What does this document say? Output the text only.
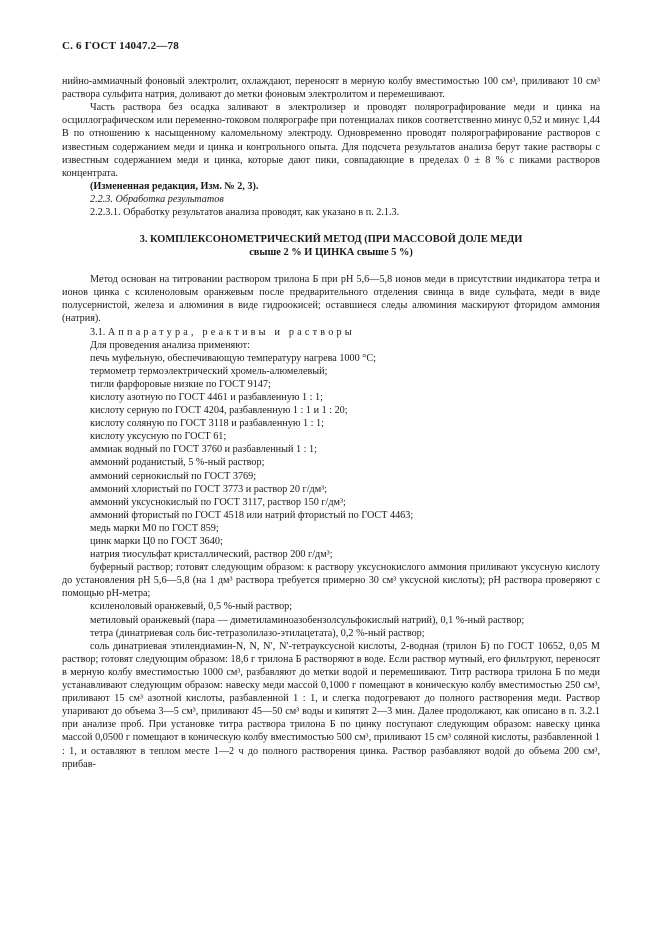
С. 6 ГОСТ 14047.2—78

нийно-аммиачный фоновый электролит, охлаждают, переносят в мерную колбу вместимостью 100 см³, приливают 10 см³ раствора сульфита натрия, доливают до метки фоновым электролитом и перемешивают.

Часть раствора без осадка заливают в электролизер и проводят полярографирование меди и цинка на осциллографическом или переменно-токовом полярографе при потенциалах пиков соответственно минус 0,52 и минус 1,44 В по отношению к насыщенному каломельному электроду. Одновременно проводят полярографирование растворов с известным содержанием меди и цинка и контрольного опыта. Для подсчета результатов анализа берут такие растворы с известным содержанием меди и цинка, которые дают пики, совпадающие в пределах 0 ± 8 % с пиками растворов концентрата.

(Измененная редакция, Изм. № 2, 3).

2.2.3. Обработка результатов

2.2.3.1. Обработку результатов анализа проводят, как указано в п. 2.1.3.

3. КОМПЛЕКСОНОМЕТРИЧЕСКИЙ МЕТОД (ПРИ МАССОВОЙ ДОЛЕ МЕДИ
свыше 2 % И ЦИНКА свыше 5 %)

Метод основан на титровании раствором трилона Б при pH 5,6—5,8 ионов меди в присутствии индикатора тетра и ионов цинка с ксиленоловым оранжевым после предварительного отделения свинца в виде сульфата, меди в виде полусернистой, железа и алюминия в виде гидроокисей; оставшиеся следы алюминия маскируют фторидом аммония (натрия).

3.1. Аппаратура, реактивы и растворы

Для проведения анализа применяют:

печь муфельную, обеспечивающую температуру нагрева 1000 °С;

термометр термоэлектрический хромель-алюмелевый;

тигли фарфоровые низкие по ГОСТ 9147;

кислоту азотную по ГОСТ 4461 и разбавленную 1 : 1;

кислоту серную по ГОСТ 4204, разбавленную 1 : 1 и 1 : 20;

кислоту соляную по ГОСТ 3118 и разбавленную 1 : 1;

кислоту уксусную по ГОСТ 61;

аммиак водный по ГОСТ 3760 и разбавленный 1 : 1;

аммоний роданистый, 5 %-ный раствор;

аммоний сернокислый по ГОСТ 3769;

аммоний хлористый по ГОСТ 3773 и раствор 20 г/дм³;

аммоний уксуснокислый по ГОСТ 3117, раствор 150 г/дм³;

аммоний фтористый по ГОСТ 4518 или натрий фтористый по ГОСТ 4463;

медь марки М0 по ГОСТ 859;

цинк марки Ц0 по ГОСТ 3640;

натрия тиосульфат кристаллический, раствор 200 г/дм³;

буферный раствор; готовят следующим образом: к раствору уксуснокислого аммония приливают уксусную кислоту до установления pH 5,6—5,8 (на 1 дм³ раствора требуется примерно 30 см³ уксусной кислоты); pH раствора проверяют с помощью pH-метра;

ксиленоловый оранжевый, 0,5 %-ный раствор;

метиловый оранжевый (пара — диметиламиноазобензолсульфокислый натрий), 0,1 %-ный раствор;

тетра (динатриевая соль бис-тетразолилазо-этилацетата), 0,2 %-ный раствор;

соль динатриевая этилендиамин-N, N, N′, N′-тетрауксусной кислоты, 2-водная (трилон Б) по ГОСТ 10652, 0,05 М раствор; готовят следующим образом: 18,6 г трилона Б растворяют в воде. Если раствор мутный, его фильтруют, переносят в мерную колбу вместимостью 1000 см³, разбавляют до метки водой и перемешивают. Титр раствора трилона Б по меди устанавливают следующим образом: навеску меди массой 0,1000 г помещают в коническую колбу вместимостью 250 см³, приливают 15 см³ азотной кислоты, разбавленной 1 : 1, и слегка подогревают до полного растворения меди. Раствор упаривают до объема 3—5 см³, приливают 45—50 см³ воды и кипятят 2—3 мин. Далее продолжают, как описано в п. 3.2.1 при анализе проб. При установке титра раствора трилона Б по цинку поступают следующим образом: навеску цинка массой 0,0500 г помещают в коническую колбу вместимостью 500 см³, приливают 15 см³ соляной кислоты, разбавленной 1 : 1, и оставляют в теплом месте 1—2 ч до полного растворения цинка. Раствор разбавляют водой до объема 200 см³, прибав-
